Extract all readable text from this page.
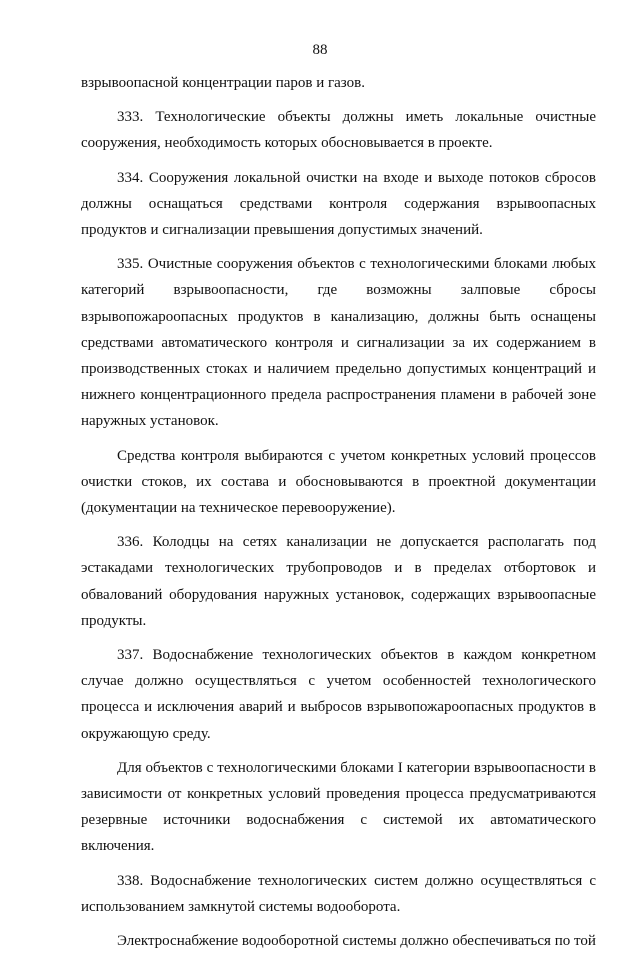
88

взрывоопасной концентрации паров и газов.

333. Технологические объекты должны иметь локальные очистные сооружения, необходимость которых обосновывается в проекте.

334. Сооружения локальной очистки на входе и выходе потоков сбросов должны оснащаться средствами контроля содержания взрывоопасных продуктов и сигнализации превышения допустимых значений.

335. Очистные сооружения объектов с технологическими блоками любых категорий взрывоопасности, где возможны залповые сбросы взрывопожароопасных продуктов в канализацию, должны быть оснащены средствами автоматического контроля и сигнализации за их содержанием в производственных стоках и наличием предельно допустимых концентраций и нижнего концентрационного предела распространения пламени в рабочей зоне наружных установок.

Средства контроля выбираются с учетом конкретных условий процессов очистки стоков, их состава и обосновываются в проектной документации (документации на техническое перевооружение).

336. Колодцы на сетях канализации не допускается располагать под эстакадами технологических трубопроводов и в пределах отбортовок и обвалований оборудования наружных установок, содержащих взрывоопасные продукты.

337. Водоснабжение технологических объектов в каждом конкретном случае должно осуществляться с учетом особенностей технологического процесса и исключения аварий и выбросов взрывопожароопасных продуктов в окружающую среду.

Для объектов с технологическими блоками I категории взрывоопасности в зависимости от конкретных условий проведения процесса предусматриваются резервные источники водоснабжения с системой их автоматического включения.

338. Водоснабжение технологических систем должно осуществляться с использованием замкнутой системы водооборота.

Электроснабжение водооборотной системы должно обеспечиваться по той
